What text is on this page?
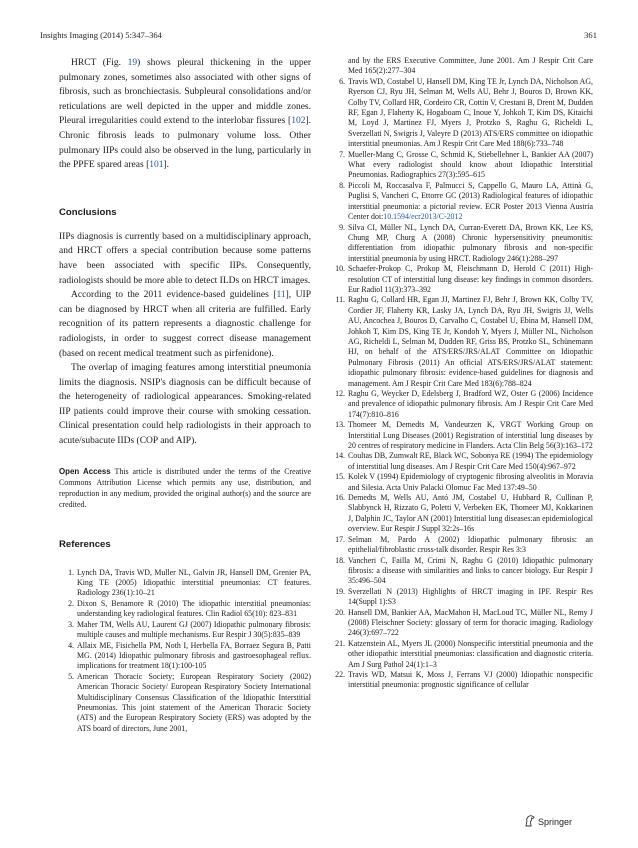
Insights Imaging (2014) 5:347–364	361

HRCT (Fig. 19) shows pleural thickening in the upper pulmonary zones, sometimes also associated with other signs of fibrosis, such as bronchiectasis. Subpleural consolidations and/or reticulations are well depicted in the upper and middle zones. Pleural irregularities could extend to the interlobar fissures [102]. Chronic fibrosis leads to pulmonary volume loss. Other pulmonary IIPs could also be observed in the lung, particularly in the PPFE spared areas [101].

Conclusions

IIPs diagnosis is currently based on a multidisciplinary approach, and HRCT offers a special contribution because some patterns have been associated with specific IIPs. Consequently, radiologists should be more able to detect ILDs on HRCT images.

According to the 2011 evidence-based guidelines [11], UIP can be diagnosed by HRCT when all criteria are fulfilled. Early recognition of its pattern represents a diagnostic challenge for radiologists, in order to suggest correct disease management (based on recent medical treatment such as pirfenidone).

The overlap of imaging features among interstitial pneumonia limits the diagnosis. NSIP's diagnosis can be difficult because of the heterogeneity of radiological appearances. Smoking-related IIP patients could improve their course with smoking cessation. Clinical presentation could help radiologists in their approach to acute/subacute IIDs (COP and AIP).

Open Access This article is distributed under the terms of the Creative Commons Attribution License which permits any use, distribution, and reproduction in any medium, provided the original author(s) and the source are credited.

References
1. Lynch DA, Travis WD, Muller NL, Galvin JR, Hansell DM, Grenier PA, King TE (2005) Idiopathic interstitial pneumonias: CT features. Radiology 236(1):10–21
2. Dixon S, Benamore R (2010) The idiopathic interstitial pneumonias: understanding key radiological features. Clin Radiol 65(10): 823–831
3. Maher TM, Wells AU, Laurent GJ (2007) Idiopathic pulmonary fibrosis: multiple causes and multiple mechanisms. Eur Respir J 30(5):835–839
4. Allaix ME, Fisichella PM, Noth I, Herbella FA, Borraez Segura B, Patti MG. (2014) Idiopathic pulmonary fibrosis and gastroesophageal reflux. implications for treatment 18(1):100-105
5. American Thoracic Society; European Respiratory Society (2002) American Thoracic Society/ European Respiratory Society International Multidisciplinary Consensus Classification of the Idiopathic Interstitial Pneumonias. This joint statement of the American Thoracic Society (ATS) and the European Respiratory Society (ERS) was adopted by the ATS board of directors, June 2001,
and by the ERS Executive Committee, June 2001. Am J Respir Crit Care Med 165(2):277–304
6. Travis WD, Costabel U, Hansell DM, King TE Jr, Lynch DA, Nicholson AG, Ryerson CJ, Ryu JH, Selman M, Wells AU, Behr J, Bouros D, Brown KK, Colby TV, Collard HR, Cordeiro CR, Cottin V, Crestani B, Drent M, Dudden RF, Egan J, Flaherty K, Hogaboam C, Inoue Y, Johkoh T, Kim DS, Kitaichi M, Loyd J, Martinez FJ, Myers J, Protzko S, Raghu G, Richeldi L, Sverzellati N, Swigris J, Valeyre D (2013) ATS/ERS committee on idiopathic interstitial pneumonias. Am J Respir Crit Care Med 188(6):733–748
7. Mueller-Mang C, Grosse C, Schmid K, Stiebellehner L, Bankier AA (2007) What every radiologist should know about Idiopathic Interstitial Pneumonias. Radiographics 27(3):595–615
8. Piccoli M, Roccasalva F, Palmucci S, Cappello G, Mauro LA, Attinà G, Puglisi S, Vancheri C, Ettorre GC (2013) Radiological features of idiopathic interstitial pneumonia: a pictorial review. ECR Poster 2013 Vienna Austria Center doi:10.1594/ecr2013/C-2012
9. Silva CI, Müller NL, Lynch DA, Curran-Everett DA, Brown KK, Lee KS, Chung MP, Churg A (2008) Chronic hypersensitivity pneumonitis: differentiation from idiopathic pulmonary fibrosis and non-specific interstitial pneumonia by using HRCT. Radiology 246(1):288–297
10. Schaefer-Prokop C, Prokop M, Fleischmann D, Herold C (2011) High-resolution CT of interstitial lung disease: key findings in common disorders. Eur Radiol 11(3):373–392
11. Raghu G, Collard HR, Egan JJ, Martinez FJ, Behr J, Brown KK, Colby TV, Cordier JF, Flaherty KR, Lasky JA, Lynch DA, Ryu JH, Swigris JJ, Wells AU, Ancochea J, Bouros D, Carvalho C, Costabel U, Ebina M, Hansell DM, Johkoh T, Kim DS, King TE Jr, Kondoh Y, Myers J, Müller NL, Nicholson AG, Richeldi L, Selman M, Dudden RF, Griss BS, Protzko SL, Schünemann HJ, on behalf of the ATS/ERS/JRS/ALAT Committee on Idiopathic Pulmonary Fibrosis (2011) An official ATS/ERS/JRS/ALAT statement: idiopathic pulmonary fibrosis: evidence-based guidelines for diagnosis and management. Am J Respir Crit Care Med 183(6):788–824
12. Raghu G, Weycker D, Edelsberg J, Bradford WZ, Oster G (2006) Incidence and prevalence of idiopathic pulmonary fibrosis. Am J Respir Crit Care Med 174(7):810–816
13. Thomeer M, Demedts M, Vandeurzen K, VRGT Working Group on Interstitial Lung Diseases (2001) Registration of interstitial lung diseases by 20 centres of respiratory medicine in Flanders. Acta Clin Belg 56(3):163–172
14. Coultas DB, Zumwalt RE, Black WC, Sobonya RE (1994) The epidemiology of interstitial lung diseases. Am J Respir Crit Care Med 150(4):967–972
15. Kolek V (1994) Epidemiology of cryptogenic fibrosing alveolitis in Moravia and Silesia. Acta Univ Palacki Olomuc Fac Med 137:49–50
16. Demedts M, Wells AU, Antó JM, Costabel U, Hubbard R, Cullinan P, Slabbynck H, Rizzato G, Poletti V, Verbeken EK, Thomeer MJ, Kokkarinen J, Dalphin JC, Taylor AN (2001) Interstitial lung diseases:an epidemiological overview. Eur Respir J Suppl 32:2s–16s
17. Selman M, Pardo A (2002) Idiopathic pulmonary fibrosis: an epithelial/fibroblastic cross-talk disorder. Respir Res 3:3
18. Vancheri C, Failla M, Crimi N, Raghu G (2010) Idiopathic pulmonary fibrosis: a disease with similarities and links to cancer biology. Eur Respir J 35:496–504
19. Sverzellati N (2013) Highlights of HRCT imaging in IPF. Respir Res 14(Suppl 1):S3
20. Hansell DM, Bankier AA, MacMahon H, MacLoud TC, Müller NL, Remy J (2008) Fleischner Society: glossary of term for thoracic imaging. Radiology 246(3):697–722
21. Katzenstein AL, Myers JL (2000) Nonspecific interstitial pneumonia and the other idiopathic interstitial pneumonias: classification and diagnostic criteria. Am J Surg Pathol 24(1):1–3
22. Travis WD, Matsui K, Moss J, Ferrans VJ (2000) Idiopathic nonspecific interstitial pneumonia: prognostic significance of cellular
Springer
